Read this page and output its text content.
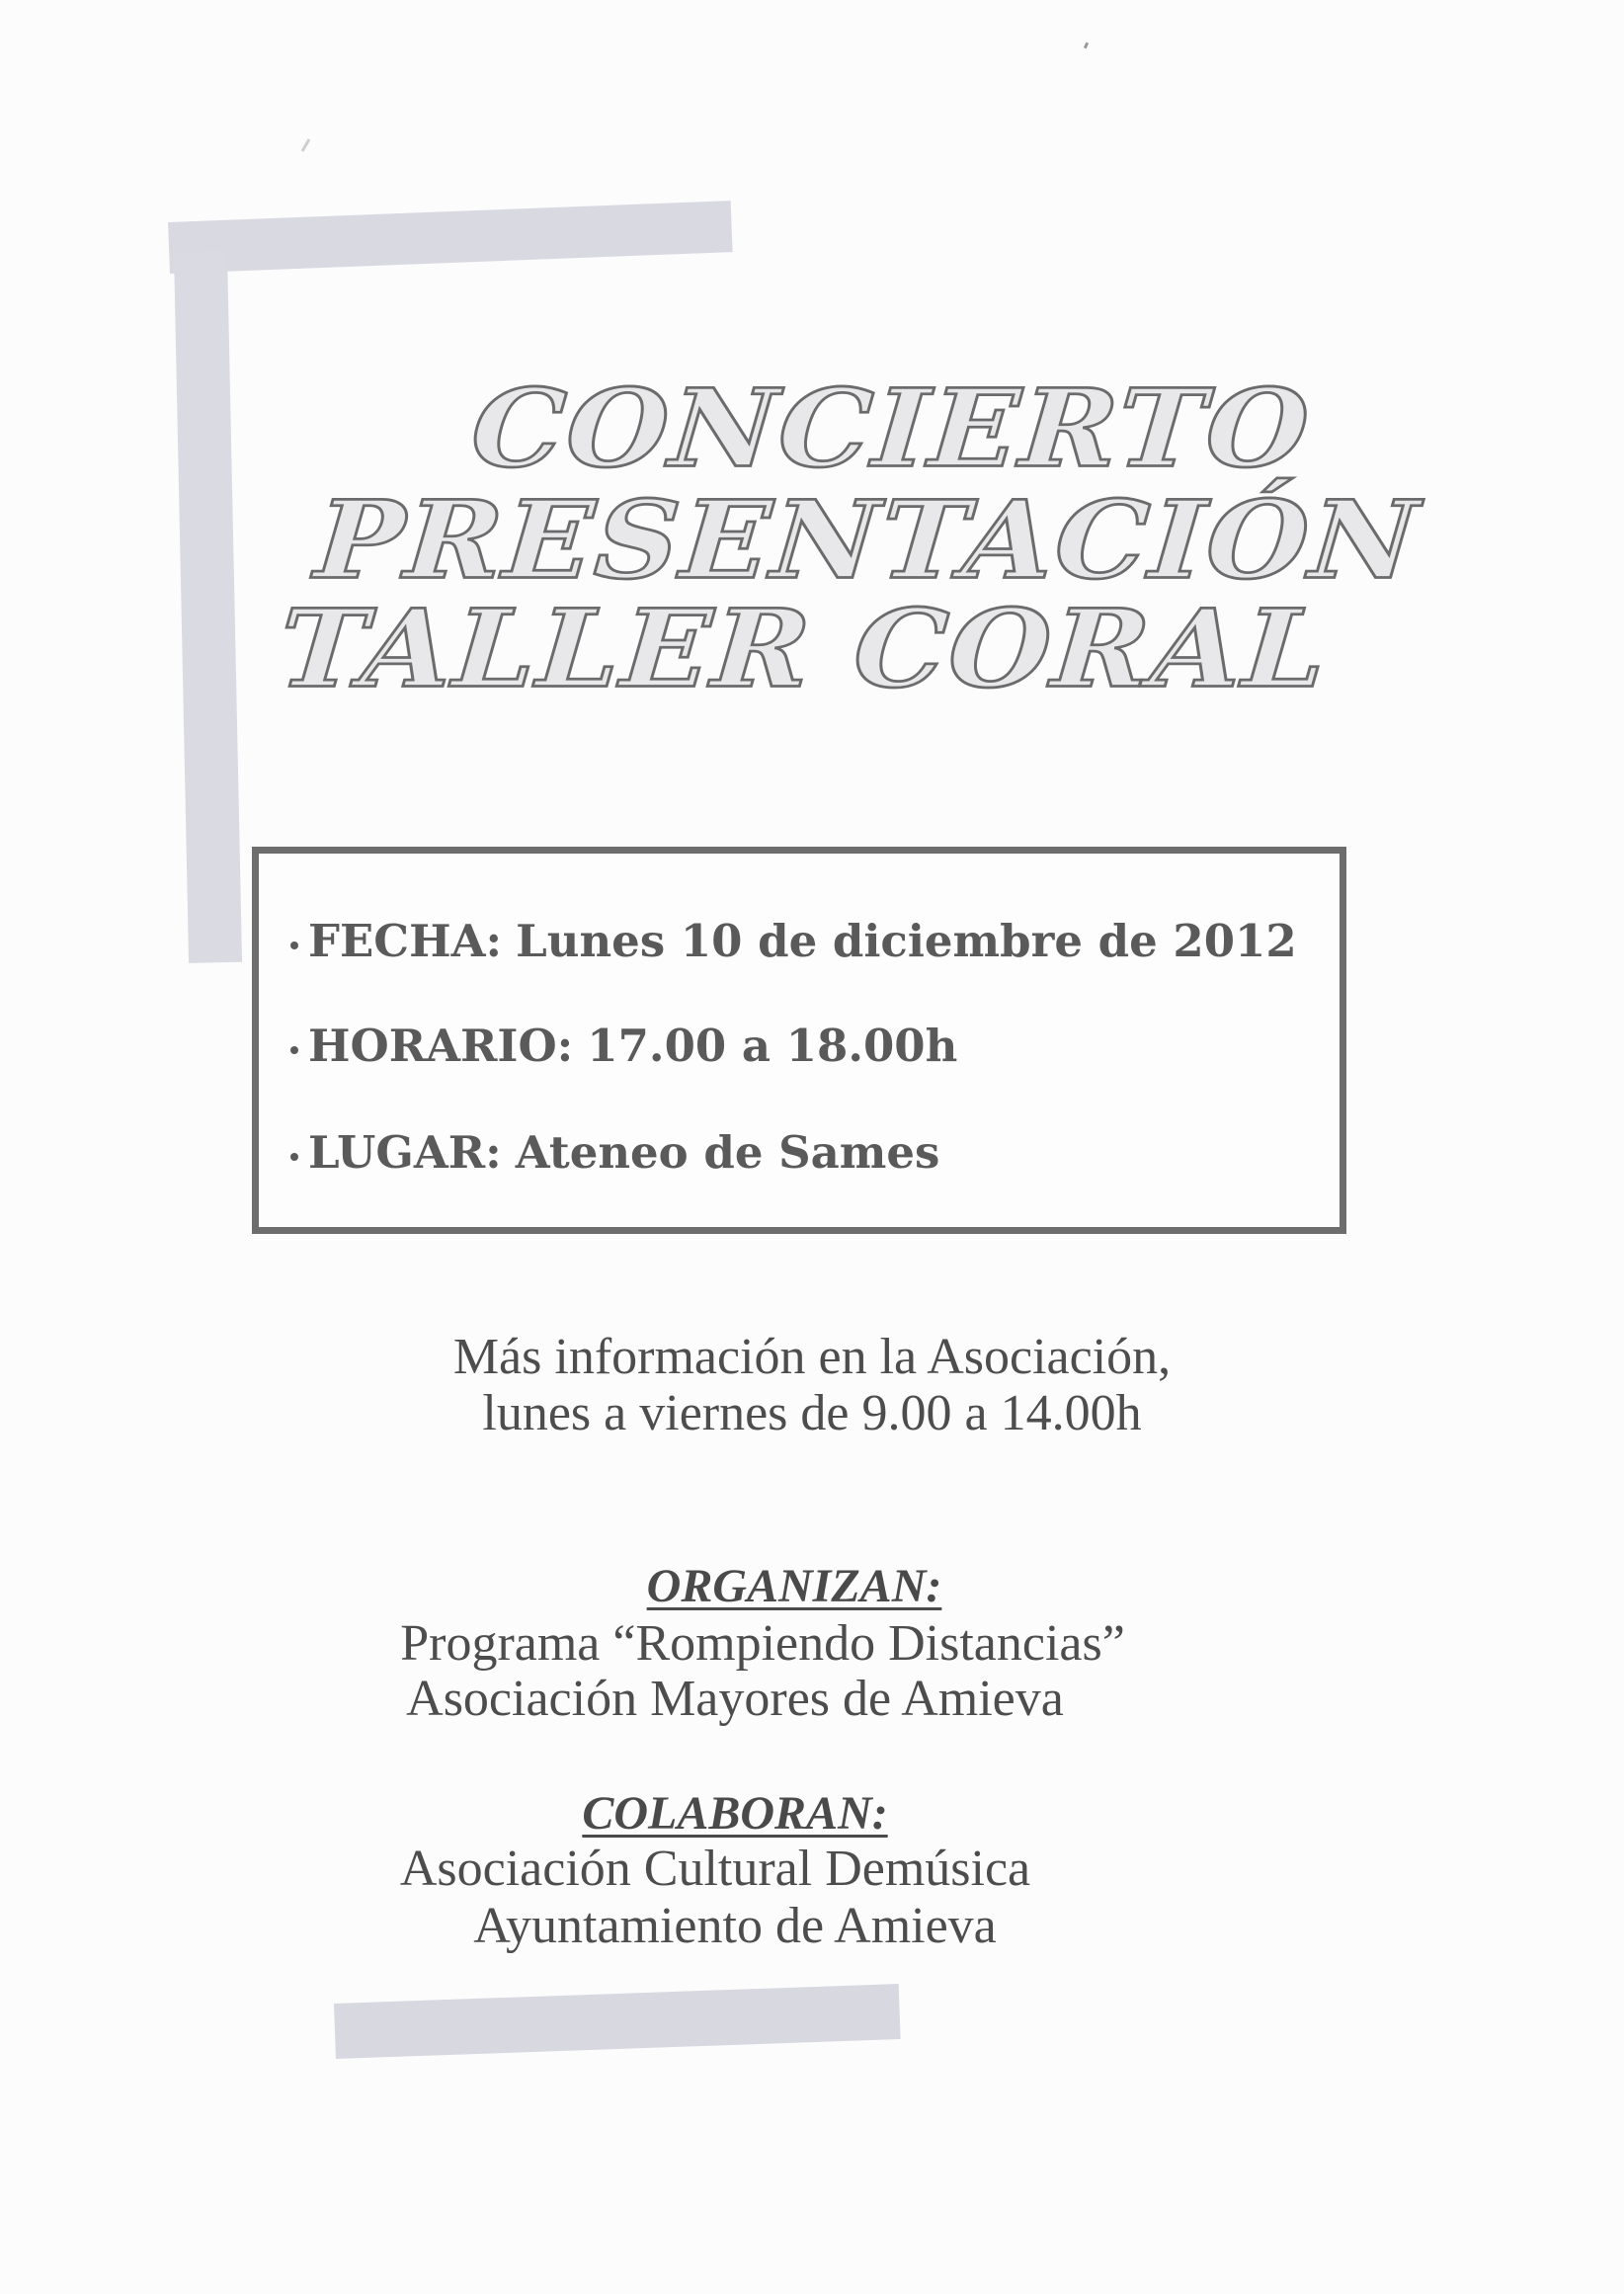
CONCIERTO
PRESENTACIÓN
TALLER CORAL
FECHA: Lunes 10 de diciembre de 2012
HORARIO: 17.00 a 18.00h
LUGAR: Ateneo de Sames
Más información en la Asociación,
lunes a viernes de 9.00 a 14.00h
ORGANIZAN:
Programa “Rompiendo Distancias”
Asociación Mayores de Amieva
COLABORAN:
Asociación Cultural Demúsica
Ayuntamiento de Amieva
